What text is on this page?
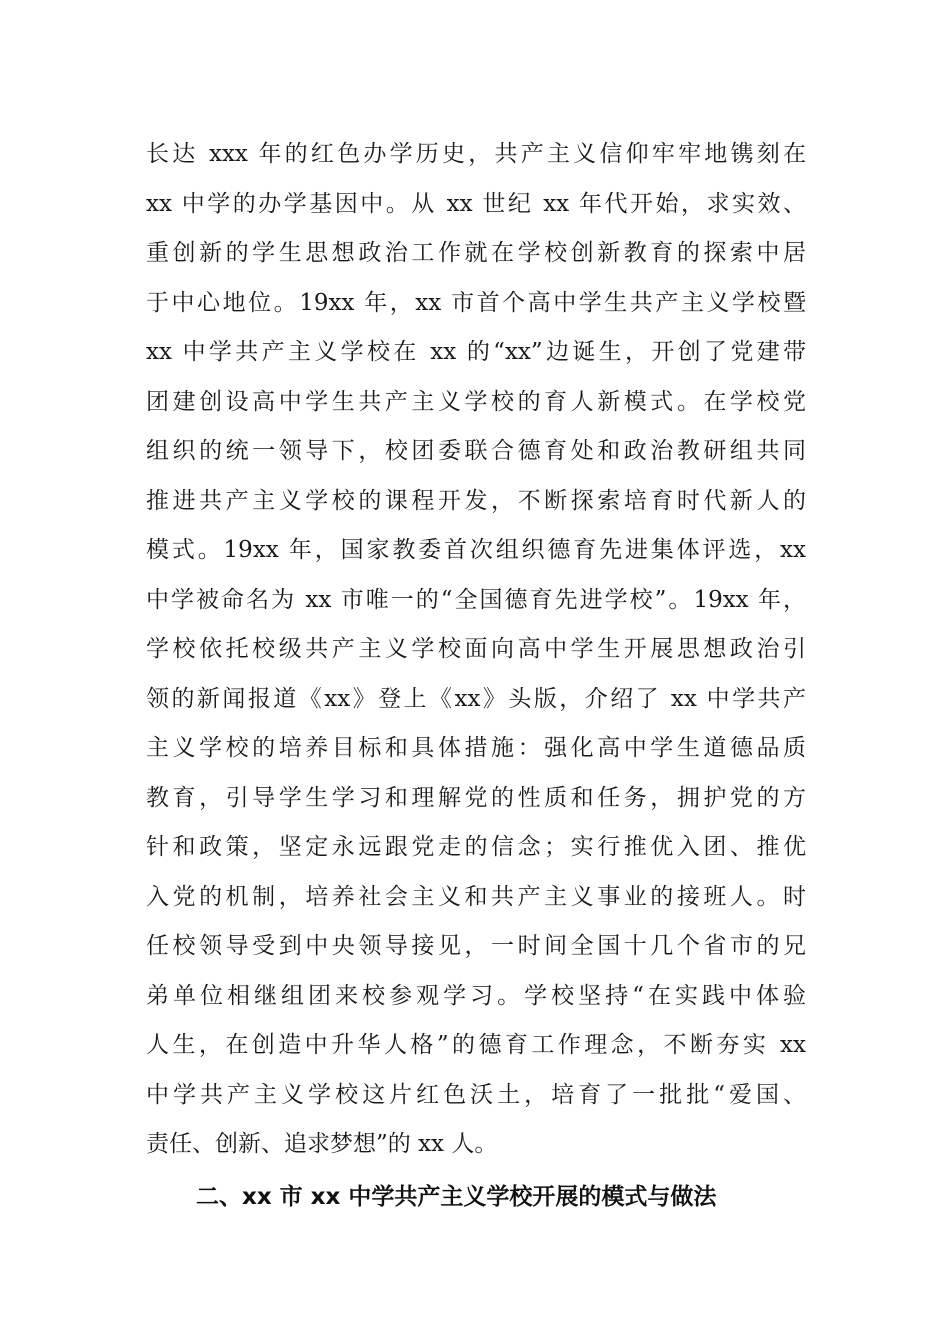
长达 xxx 年的红色办学历史，共产主义信仰牢牢地镌刻在
xx 中学的办学基因中。从 xx 世纪 xx 年代开始，求实效、
重创新的学生思想政治工作就在学校创新教育的探索中居
于中心地位。19xx 年，xx 市首个高中学生共产主义学校暨
xx 中学共产主义学校在 xx 的“xx”边诞生，开创了党建带
团建创设高中学生共产主义学校的育人新模式。在学校党
组织的统一领导下，校团委联合德育处和政治教研组共同
推进共产主义学校的课程开发，不断探索培育时代新人的
模式。19xx 年，国家教委首次组织德育先进集体评选，xx
中学被命名为 xx 市唯一的“全国德育先进学校”。19xx 年，
学校依托校级共产主义学校面向高中学生开展思想政治引
领的新闻报道《xx》登上《xx》头版，介绍了 xx 中学共产
主义学校的培养目标和具体措施：强化高中学生道德品质
教育，引导学生学习和理解党的性质和任务，拥护党的方
针和政策，坚定永远跟党走的信念；实行推优入团、推优
入党的机制，培养社会主义和共产主义事业的接班人。时
任校领导受到中央领导接见，一时间全国十几个省市的兄
弟单位相继组团来校参观学习。学校坚持“在实践中体验
人生，在创造中升华人格”的德育工作理念，不断夯实 xx
中学共产主义学校这片红色沃土，培育了一批批“爱国、
责任、创新、追求梦想”的 xx 人。
二、xx 市 xx 中学共产主义学校开展的模式与做法
